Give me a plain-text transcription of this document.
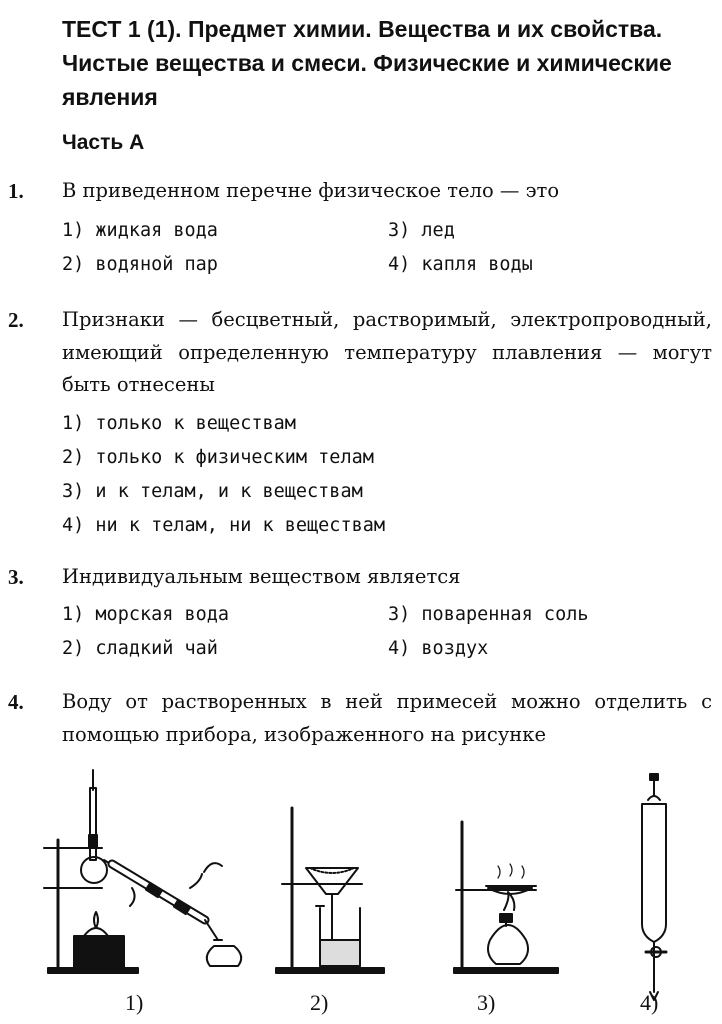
ТЕСТ 1 (1). Предмет химии. Вещества и их свойства. Чистые вещества и смеси. Физические и химические явления
Часть А
1. В приведенном перечне физическое тело — это

1) жидкая вода
2) водяной пар
3) лед
4) капля воды
2. Признаки — бесцветный, растворимый, электропроводный, имеющий определенную температуру плавления — могут быть отнесены

1) только к веществам
2) только к физическим телам
3) и к телам, и к веществам
4) ни к телам, ни к веществам
3. Индивидуальным веществом является

1) морская вода
2) сладкий чай
3) поваренная соль
4) воздух
4. Воду от растворенных в ней примесей можно отделить с помощью прибора, изображенного на рисунке

1)	2)	3)	4)
